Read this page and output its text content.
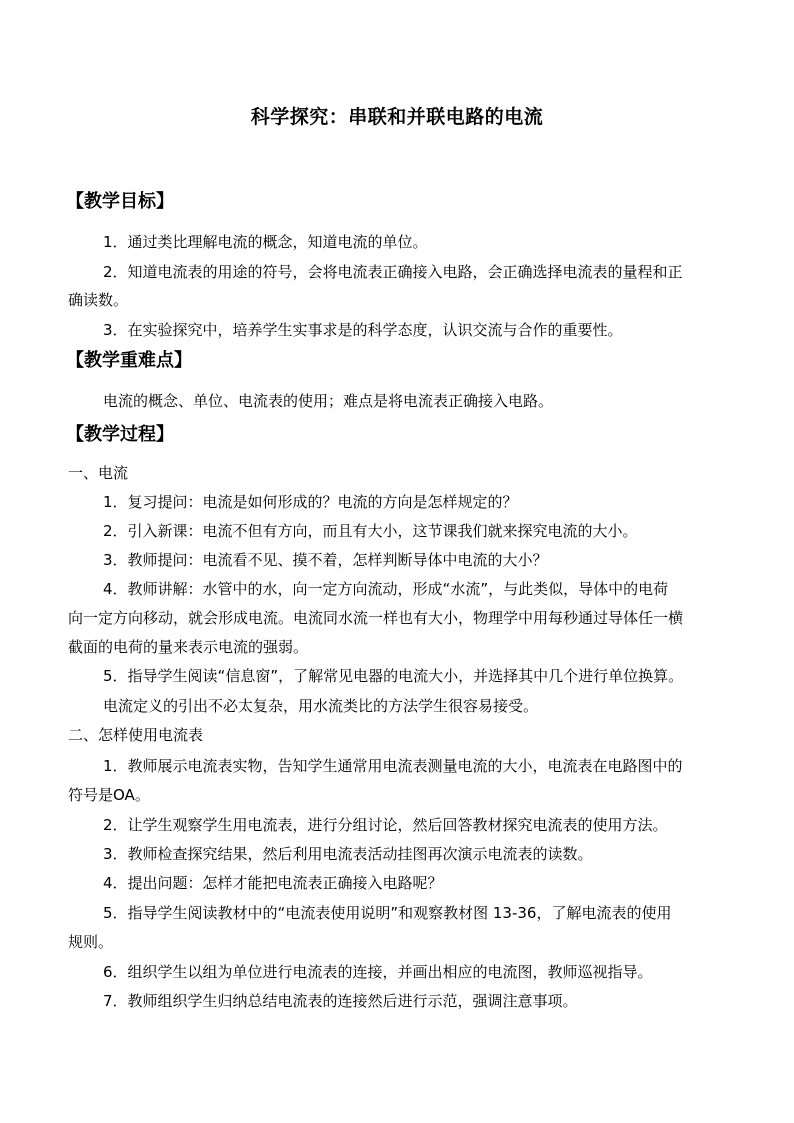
科学探究：串联和并联电路的电流
【教学目标】
1．通过类比理解电流的概念，知道电流的单位。
2．知道电流表的用途的符号，会将电流表正确接入电路，会正确选择电流表的量程和正
确读数。
3．在实验探究中，培养学生实事求是的科学态度，认识交流与合作的重要性。
【教学重难点】
电流的概念、单位、电流表的使用；难点是将电流表正确接入电路。
【教学过程】
一、电流
1．复习提问：电流是如何形成的？电流的方向是怎样规定的？
2．引入新课：电流不但有方向，而且有大小，这节课我们就来探究电流的大小。
3．教师提问：电流看不见、摸不着，怎样判断导体中电流的大小？
4．教师讲解：水管中的水，向一定方向流动，形成“水流”，与此类似，导体中的电荷
向一定方向移动，就会形成电流。电流同水流一样也有大小，物理学中用每秒通过导体任一横
截面的电荷的量来表示电流的强弱。
5．指导学生阅读“信息窗”，了解常见电器的电流大小，并选择其中几个进行单位换算。
电流定义的引出不必太复杂，用水流类比的方法学生很容易接受。
二、怎样使用电流表
1．教师展示电流表实物，告知学生通常用电流表测量电流的大小，电流表在电路图中的
符号是OA。
2．让学生观察学生用电流表，进行分组讨论，然后回答教材探究电流表的使用方法。
3．教师检查探究结果，然后利用电流表活动挂图再次演示电流表的读数。
4．提出问题：怎样才能把电流表正确接入电路呢？
5．指导学生阅读教材中的“电流表使用说明”和观察教材图 13-36，了解电流表的使用
规则。
6．组织学生以组为单位进行电流表的连接，并画出相应的电流图，教师巡视指导。
7．教师组织学生归纳总结电流表的连接然后进行示范，强调注意事项。
